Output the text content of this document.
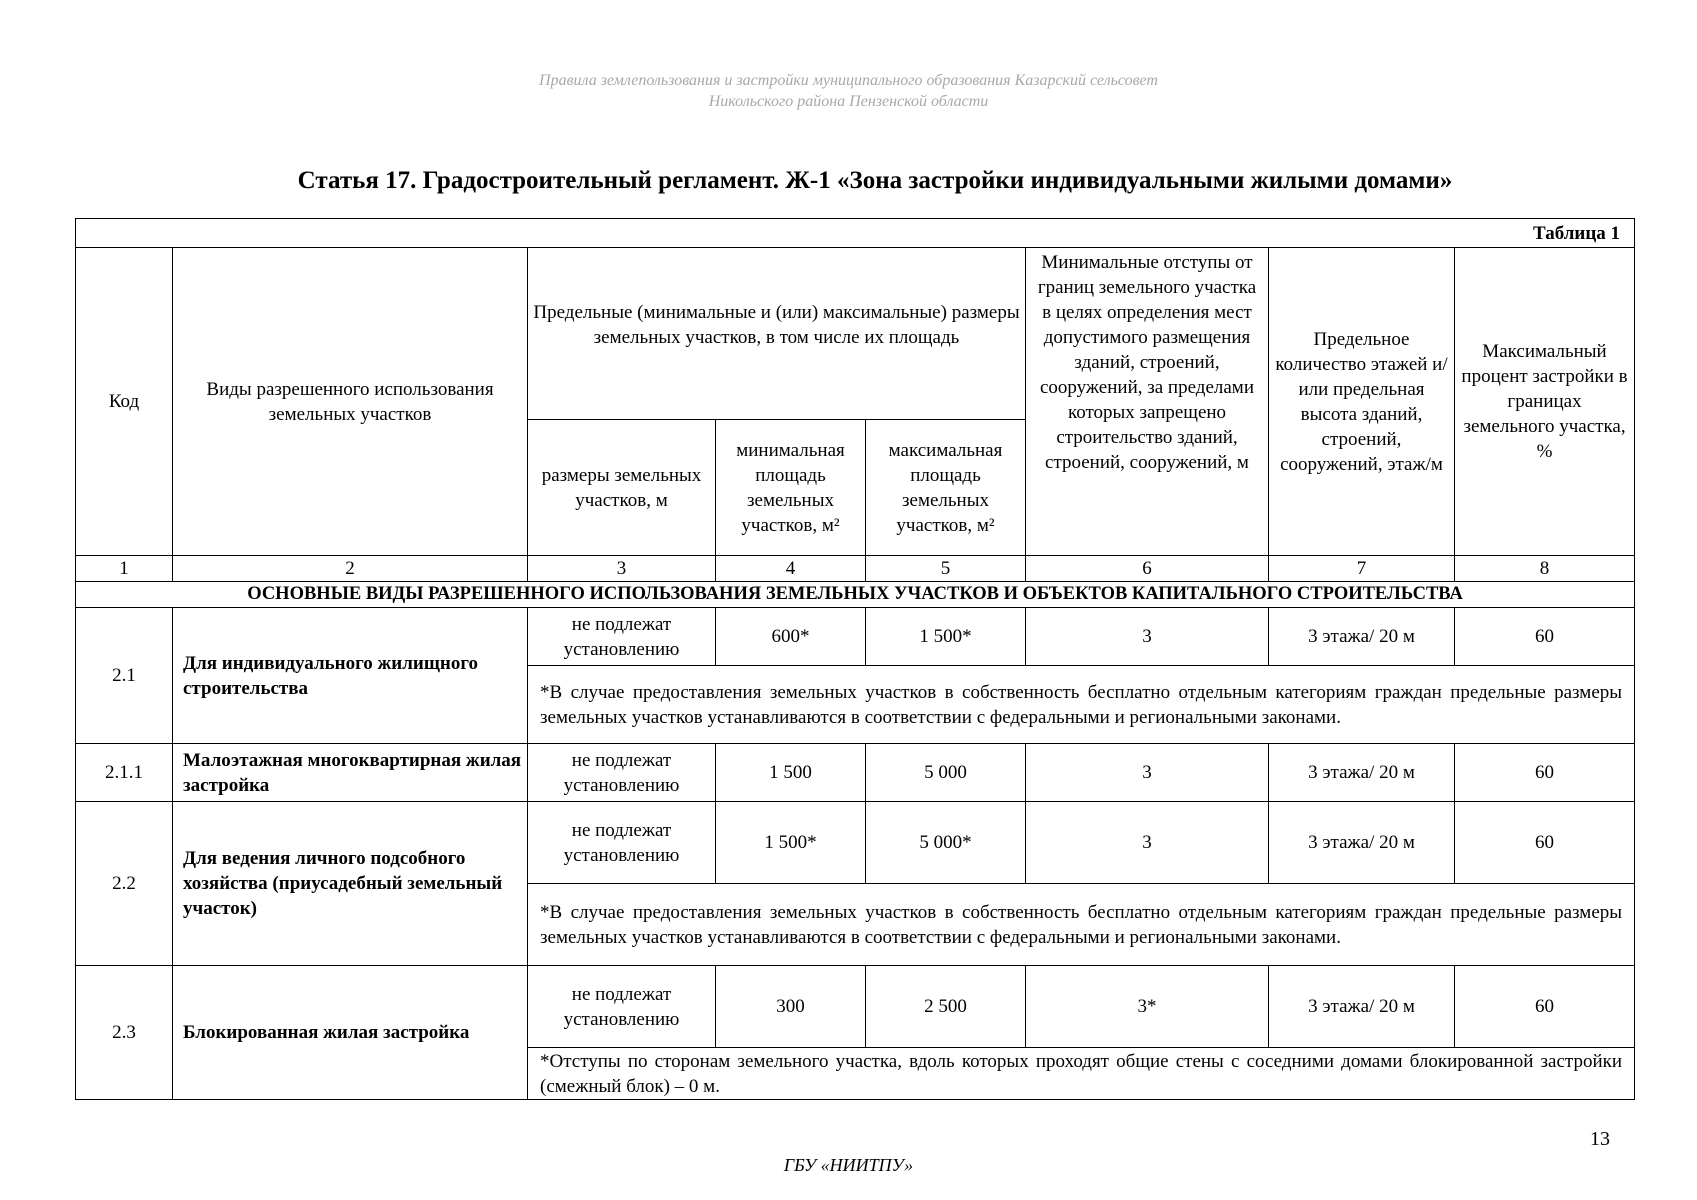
Правила землепользования и застройки муниципального образования Казарский сельсовет
Никольского района Пензенской области
Статья 17. Градостроительный регламент. Ж-1 «Зона застройки индивидуальными жилыми домами»
Таблица 1							
Код	Виды разрешенного использования земельных участков	Предельные (минимальные и (или) максимальные) размеры земельных участков, в том числе их площадь			Минимальные отступы от границ земельного участка в целях определения мест допустимого размещения зданий, строений, сооружений, за пределами которых запрещено строительство зданий, строений, сооружений, м	Предельное количество этажей и/или предельная высота зданий, строений, сооружений, этаж/м	Максимальный процент застройки в границах земельного участка, %
		размеры земельных участков, м	минимальная площадь земельных участков, м²	максимальная площадь земельных участков, м²			
1	2	3	4	5	6	7	8
ОСНОВНЫЕ ВИДЫ РАЗРЕШЕННОГО ИСПОЛЬЗОВАНИЯ ЗЕМЕЛЬНЫХ УЧАСТКОВ И ОБЪЕКТОВ КАПИТАЛЬНОГО СТРОИТЕЛЬСТВА							
2.1	Для индивидуального жилищного строительства	не подлежат установлению	600*	1 500*	3	3 этажа/ 20 м	60
		*В случае предоставления земельных участков в собственность бесплатно отдельным категориям граждан предельные размеры земельных участков устанавливаются в соответствии с федеральными и региональными законами.					
2.1.1	Малоэтажная многоквартирная жилая застройка	не подлежат установлению	1 500	5 000	3	3 этажа/ 20 м	60
2.2	Для ведения личного подсобного хозяйства (приусадебный земельный участок)	не подлежат установлению	1 500*	5 000*	3	3 этажа/ 20 м	60
		*В случае предоставления земельных участков в собственность бесплатно отдельным категориям граждан предельные размеры земельных участков устанавливаются в соответствии с федеральными и региональными законами.					
2.3	Блокированная жилая застройка	не подлежат установлению	300	2 500	3*	3 этажа/ 20 м	60
		*Отступы по сторонам земельного участка, вдоль которых проходят общие стены с соседними домами блокированной застройки (смежный блок) – 0 м.					
13
ГБУ «НИИТПУ»
